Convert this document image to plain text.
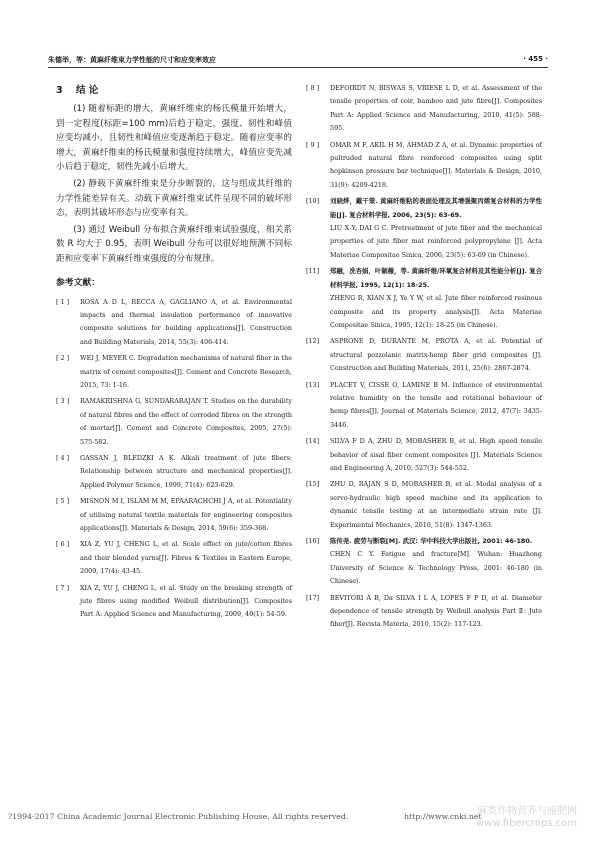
朱德举，等：黄麻纤维束力学性能的尺寸和应变率效应	· 455 ·
3 结 论

(1) 随着标距的增大，黄麻纤维束的杨氏模量开始增大，到一定程度(标距=100 mm)后趋于稳定，强度、韧性和峰值应变均减小，且韧性和峰值应变逐渐趋于稳定。随着应变率的增大，黄麻纤维束的杨氏模量和强度持续增大，峰值应变先减小后趋于稳定，韧性先减小后增大。

(2) 静载下黄麻纤维束是分步断裂的，这与组成其纤维的力学性能差异有关。动载下黄麻纤维束试件呈现不同的破坏形态，表明其破坏形态与应变率有关。

(3) 通过 Weibull 分布拟合黄麻纤维束试验强度，相关系数 R 均大于 0.95，表明 Weibull 分布可以很好地预测不同标距和应变率下黄麻纤维束强度的分布规律。

参考文献：
[ 1 ]	ROSA A D L, RECCA A, GAGLIANO A, et al. Environmental impacts and thermal insulation performance of innovative composite solutions for building applications[J]. Construction and Building Materials, 2014, 55(3): 406-414.
[ 2 ]	WEI J, MEYER C. Degradation mechanisms of natural fiber in the matrix of cement composites[J]. Cement and Concrete Research, 2015, 73: 1-16.
[ 3 ]	RAMAKRISHNA G, SUNDARARAJAN T. Studies on the durability of natural fibres and the effect of corroded fibres on the strength of mortar[J]. Cement and Concrete Composites, 2005, 27(5): 575-582.
[ 4 ]	GASSAN J, BLEDZKI A K. Alkali treatment of jute fibers: Relationship between structure and mechanical properties[J]. Applied Polymer Science, 1999, 71(4): 623-629.
[ 5 ]	MISNON M I, ISLAM M M, EPAARACHCHI J A, et al. Potentiality of utilising natural textile materials for engineering composites applications[J]. Materials & Design, 2014, 59(6): 359-368.
[ 6 ]	XIA Z, YU J, CHENG L, et al. Scale effect on jute/cotton fibres and their blended yarns[J]. Fibres & Textiles in Eastern Europe, 2009, 17(4): 43-45.
[ 7 ]	XIA Z, YU J, CHENG L, et al. Study on the breaking strength of jute fibres using modified Weibull distribution[J]. Composites Part A: Applied Science and Manufacturing, 2009, 40(1): 54-59.
[ 8 ]	DEFOIRDT N, BISWAS S, VRIESE L D, et al. Assessment of the tensile properties of coir, bamboo and jute fibre[J]. Composites Part A: Applied Science and Manufacturing, 2010, 41(5): 588-595.
[ 9 ]	OMAR M F, AKIL H M, AHMAD Z A, et al. Dynamic properties of pultruded natural fibre reinforced composites using split hopkinson pressure bar technique[J]. Materials & Design, 2010, 31(9): 4209-4218.
[10]	刘晓烨，戴干策. 黄麻纤维粘的表面处理及其增强聚丙烯复合材料的力学性能[J]. 复合材料学报, 2006, 23(5): 63-69.
LIU X Y, DAI G C. Pretreatment of jute fiber and the mechanical properties of jute fiber mat reinforced polypropylene [J]. Acta Materiae Compositae Sinica, 2006, 23(5): 63-69 (in Chinese).
[11]	郑融，冼杏娟，叶颖薇，等. 黄麻纤维/环氧复合材料及其性能分析[J]. 复合材料学报, 1995, 12(1): 18-25.
ZHENG R, XIAN X J, Ye Y W, et al. Jute fiber reinforced resinous composite and its property analysis[J]. Acta Materiae Compositae Sinica, 1995, 12(1): 18-25 (in Chinese).
[12]	ASPRONE D, DURANTE M, PROTA A, et al. Potential of structural pozzolanic matrix-hemp fiber grid composites [J]. Construction and Building Materials, 2011, 25(6): 2867-2874.
[13]	PLACET V, CISSE O, LAMINE B M. Influence of environmental relative humidity on the tensile and rotational behaviour of hemp fibres[J]. Journal of Materials Science, 2012, 47(7): 3435-3446.
[14]	SILVA F D A, ZHU D, MOBASHER B, et al. High speed tensile behavior of sisal fiber cement composites [J]. Materials Science and Engineering A, 2010, 527(3): 544-552.
[15]	ZHU D, RAJAN S D, MOBASHER B, et al. Modal analysis of a servo-hydraulic high speed machine and its application to dynamic tensile testing at an intermediate strain rate [J]. Experimental Mechanics, 2010, 51(8): 1347-1363.
[16]	陈传尧. 疲劳与断裂[M]. 武汉: 华中科技大学出版社, 2001: 46-180.
CHEN C Y. Fatigue and fracture[M]. Wuhan: Huazhong University of Science & Technology Press, 2001: 46-180 (in Chinese).
[17]	BEVITORI A B, Da SILVA I L A, LOPES F P D, et al. Diameter dependence of tensile strength by Weibull analysis Part Ⅱ: Jute fiber[J]. Revista Matéria, 2010, 15(2): 117-123.
?1994-2017 China Academic Journal Electronic Publishing House. All rights reserved.	http://www.cnki.net
麻类作物营养与施肥网
www.fibercrops.com
